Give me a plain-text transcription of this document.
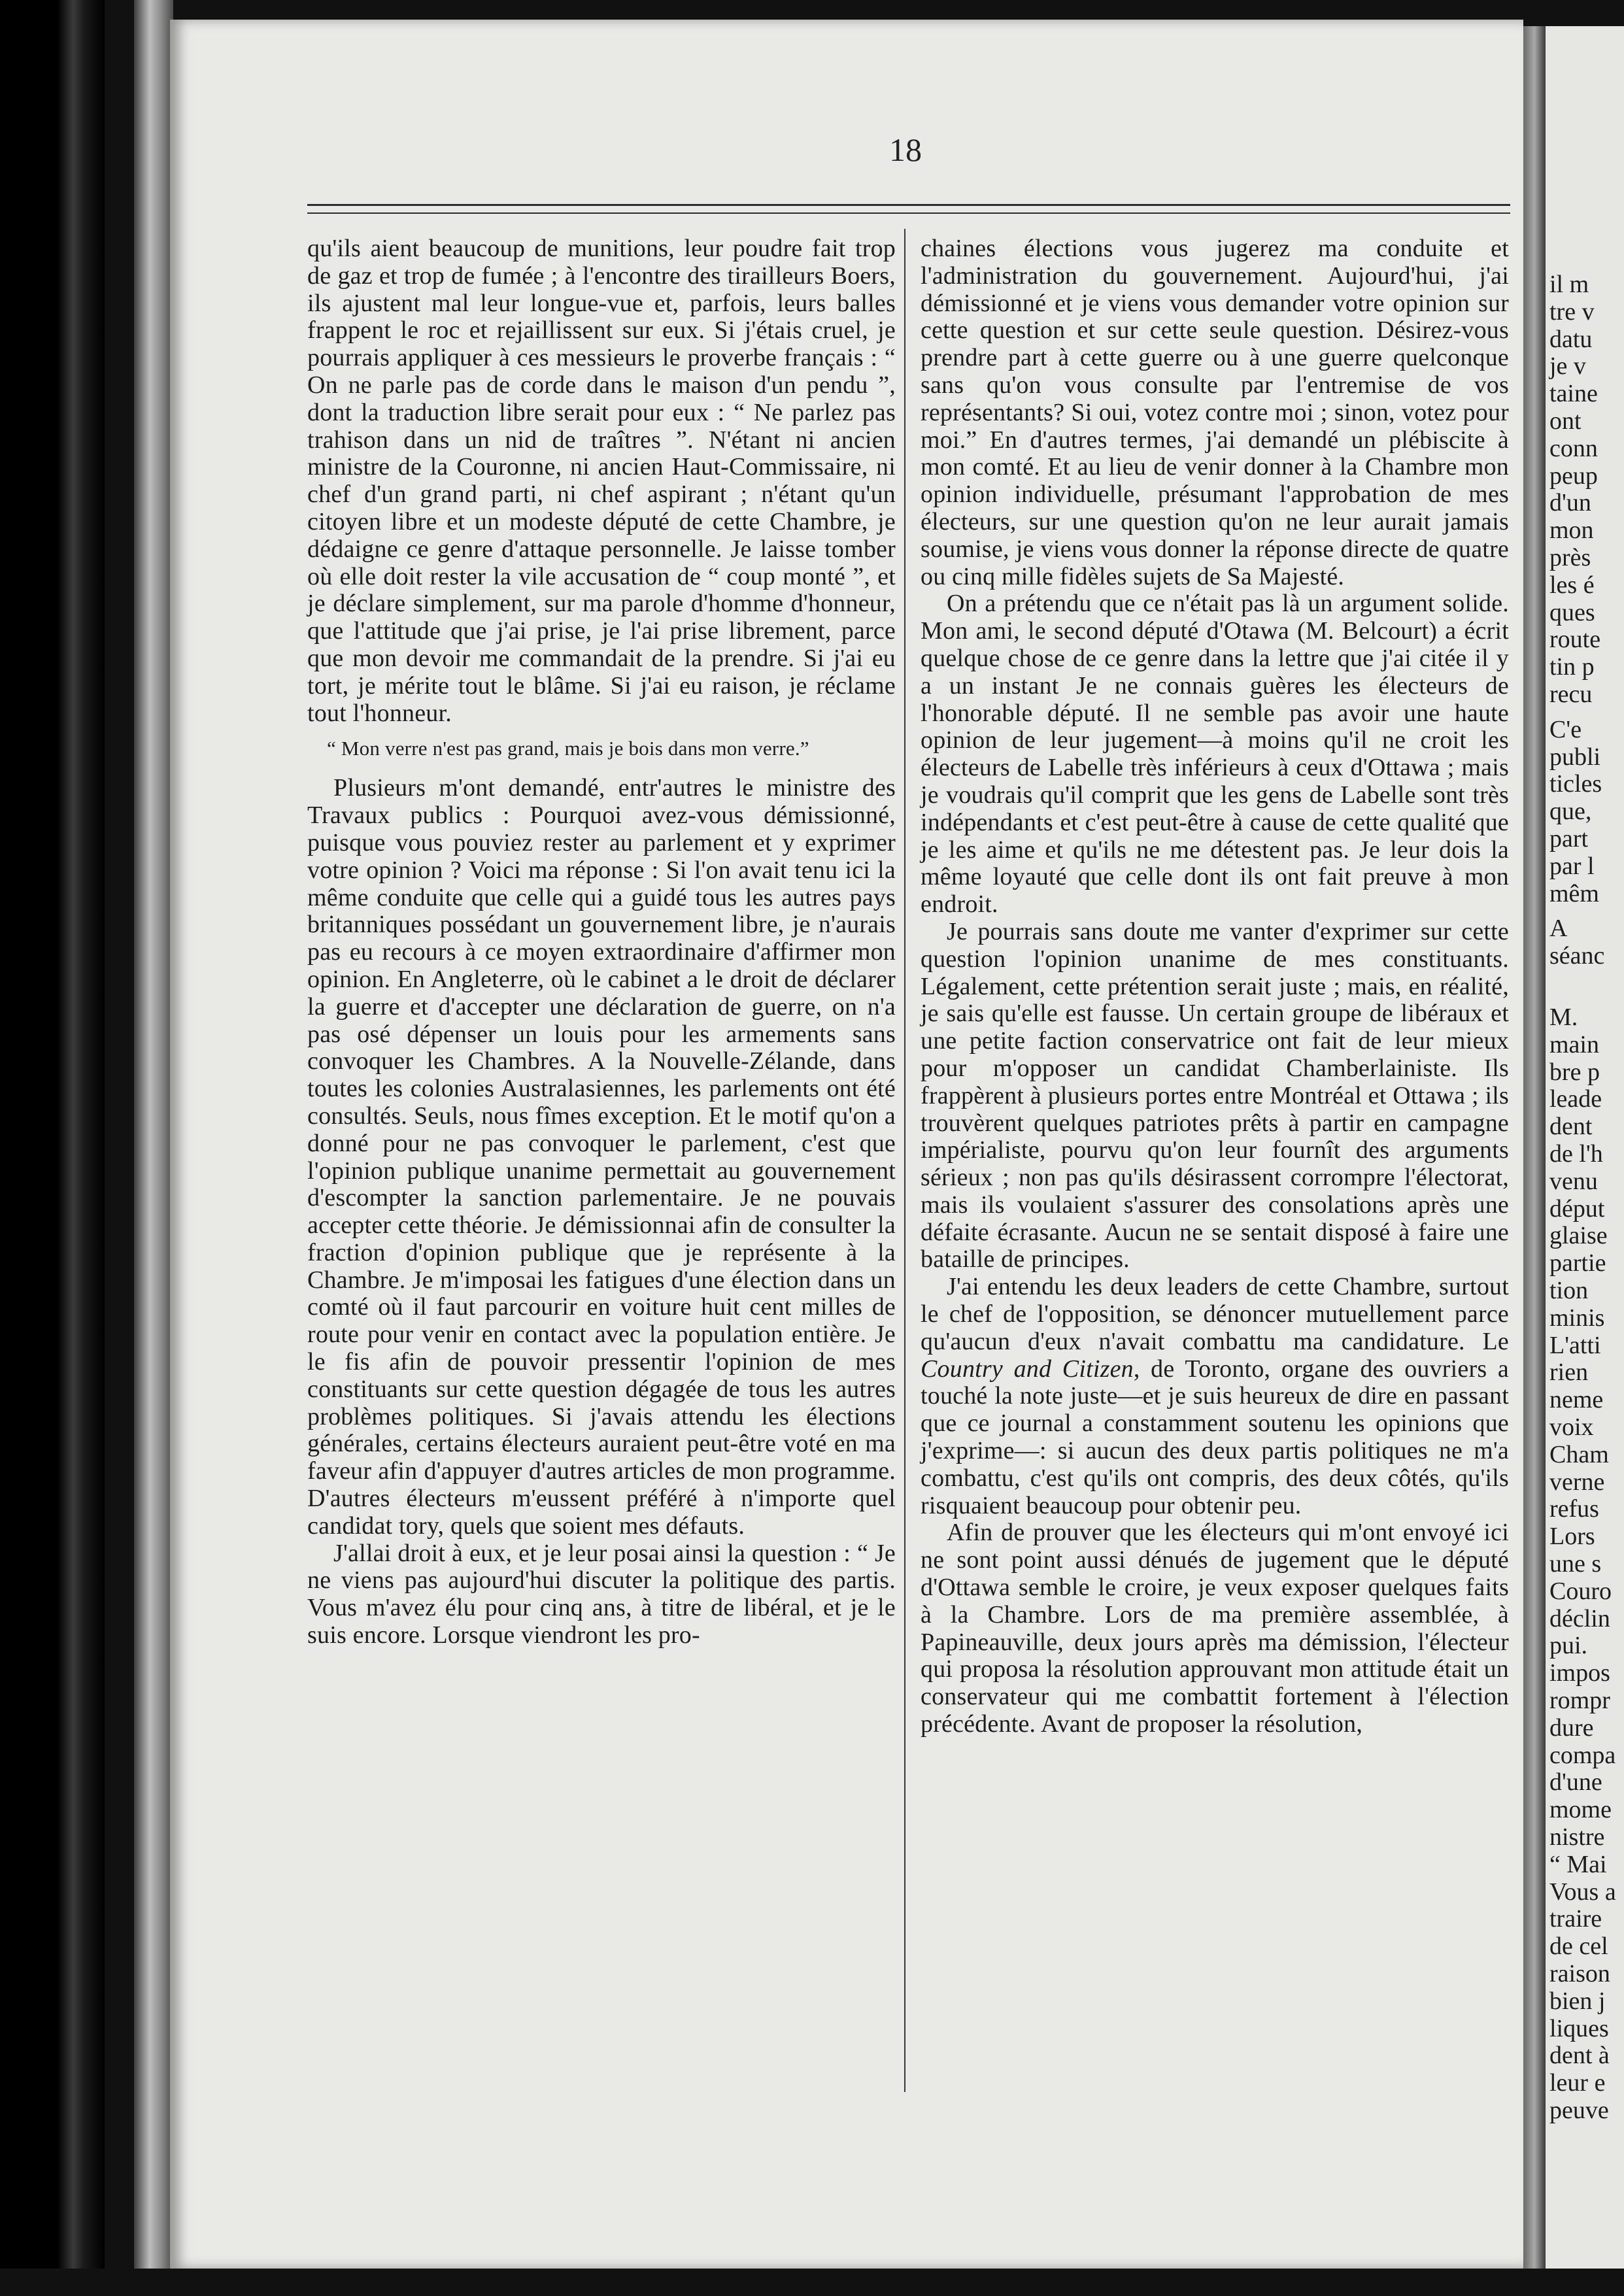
18

qu'ils aient beaucoup de munitions, leur poudre fait trop de gaz et trop de fumée ; à l'encontre des tirailleurs Boers, ils ajustent mal leur longue-vue et, parfois, leurs balles frappent le roc et rejaillissent sur eux. Si j'étais cruel, je pourrais appliquer à ces messieurs le proverbe français : “ On ne parle pas de corde dans le maison d'un pendu ”, dont la traduction libre serait pour eux : “ Ne parlez pas trahison dans un nid de traîtres ”. N'étant ni ancien ministre de la Couronne, ni ancien Haut-Commissaire, ni chef d'un grand parti, ni chef aspirant ; n'étant qu'un citoyen libre et un modeste député de cette Chambre, je dédaigne ce genre d'attaque personnelle. Je laisse tomber où elle doit rester la vile accusation de “ coup monté ”, et je déclare simplement, sur ma parole d'homme d'honneur, que l'attitude que j'ai prise, je l'ai prise librement, parce que mon devoir me commandait de la prendre. Si j'ai eu tort, je mérite tout le blâme. Si j'ai eu raison, je réclame tout l'honneur.

“ Mon verre n'est pas grand, mais je bois dans mon verre.”

Plusieurs m'ont demandé, entr'autres le ministre des Travaux publics : Pourquoi avez-vous démissionné, puisque vous pouviez rester au parlement et y exprimer votre opinion ? Voici ma réponse : Si l'on avait tenu ici la même conduite que celle qui a guidé tous les autres pays britanniques possédant un gouvernement libre, je n'aurais pas eu recours à ce moyen extraordinaire d'affirmer mon opinion. En Angleterre, où le cabinet a le droit de déclarer la guerre et d'accepter une déclaration de guerre, on n'a pas osé dépenser un louis pour les armements sans convoquer les Chambres. A la Nouvelle-Zélande, dans toutes les colonies Australasiennes, les parlements ont été consultés. Seuls, nous fîmes exception. Et le motif qu'on a donné pour ne pas convoquer le parlement, c'est que l'opinion publique unanime permettait au gouvernement d'escompter la sanction parlementaire. Je ne pouvais accepter cette théorie. Je démissionnai afin de consulter la fraction d'opinion publique que je représente à la Chambre. Je m'imposai les fatigues d'une élection dans un comté où il faut parcourir en voiture huit cent milles de route pour venir en contact avec la population entière. Je le fis afin de pouvoir pressentir l'opinion de mes constituants sur cette question dégagée de tous les autres problèmes politiques. Si j'avais attendu les élections générales, certains électeurs auraient peut-être voté en ma faveur afin d'appuyer d'autres articles de mon programme. D'autres électeurs m'eussent préféré à n'importe quel candidat tory, quels que soient mes défauts.

J'allai droit à eux, et je leur posai ainsi la question : “ Je ne viens pas aujourd'hui discuter la politique des partis. Vous m'avez élu pour cinq ans, à titre de libéral, et je le suis encore. Lorsque viendront les pro-

chaines élections vous jugerez ma conduite et l'administration du gouvernement. Aujourd'hui, j'ai démissionné et je viens vous demander votre opinion sur cette question et sur cette seule question. Désirez-vous prendre part à cette guerre ou à une guerre quelconque sans qu'on vous consulte par l'entremise de vos représentants? Si oui, votez contre moi ; sinon, votez pour moi.” En d'autres termes, j'ai demandé un plébiscite à mon comté. Et au lieu de venir donner à la Chambre mon opinion individuelle, présumant l'approbation de mes électeurs, sur une question qu'on ne leur aurait jamais soumise, je viens vous donner la réponse directe de quatre ou cinq mille fidèles sujets de Sa Majesté.

On a prétendu que ce n'était pas là un argument solide. Mon ami, le second député d'Otawa (M. Belcourt) a écrit quelque chose de ce genre dans la lettre que j'ai citée il y a un instant Je ne connais guères les électeurs de l'honorable député. Il ne semble pas avoir une haute opinion de leur jugement—à moins qu'il ne croit les électeurs de Labelle très inférieurs à ceux d'Ottawa ; mais je voudrais qu'il comprit que les gens de Labelle sont très indépendants et c'est peut-être à cause de cette qualité que je les aime et qu'ils ne me détestent pas. Je leur dois la même loyauté que celle dont ils ont fait preuve à mon endroit.

Je pourrais sans doute me vanter d'exprimer sur cette question l'opinion unanime de mes constituants. Légalement, cette prétention serait juste ; mais, en réalité, je sais qu'elle est fausse. Un certain groupe de libéraux et une petite faction conservatrice ont fait de leur mieux pour m'opposer un candidat Chamberlainiste. Ils frappèrent à plusieurs portes entre Montréal et Ottawa ; ils trouvèrent quelques patriotes prêts à partir en campagne impérialiste, pourvu qu'on leur fournît des arguments sérieux ; non pas qu'ils désirassent corrompre l'électorat, mais ils voulaient s'assurer des consolations après une défaite écrasante. Aucun ne se sentait disposé à faire une bataille de principes.

J'ai entendu les deux leaders de cette Chambre, surtout le chef de l'opposition, se dénoncer mutuellement parce qu'aucun d'eux n'avait combattu ma candidature. Le Country and Citizen, de Toronto, organe des ouvriers a touché la note juste—et je suis heureux de dire en passant que ce journal a constamment soutenu les opinions que j'exprime—: si aucun des deux partis politiques ne m'a combattu, c'est qu'ils ont compris, des deux côtés, qu'ils risquaient beaucoup pour obtenir peu.

Afin de prouver que les électeurs qui m'ont envoyé ici ne sont point aussi dénués de jugement que le député d'Ottawa semble le croire, je veux exposer quelques faits à la Chambre. Lors de ma première assemblée, à Papineauville, deux jours après ma démission, l'électeur qui proposa la résolution approuvant mon attitude était un conservateur qui me combattit fortement à l'élection précédente. Avant de proposer la résolution,

il m
tre v
datu
je v
taine
ont
conn
peup
d'un
mon
près
les é
ques
route
tin p
recu
C'e
publi
ticles
que,
part
par l
mêm
A
séanc
M.
main
bre p
leade
dent
de l'h
venu
déput
glaise
partie
tion
minis
L'atti
rien
neme
voix
Cham
verne
refus
Lors
une s
Couro
déclin
pui.
impos
rompr
dure
compa
d'une
mome
nistre
“ Mai
Vous a
traire
de cel
raison
bien j
liques
dent à
leur e
peuve
